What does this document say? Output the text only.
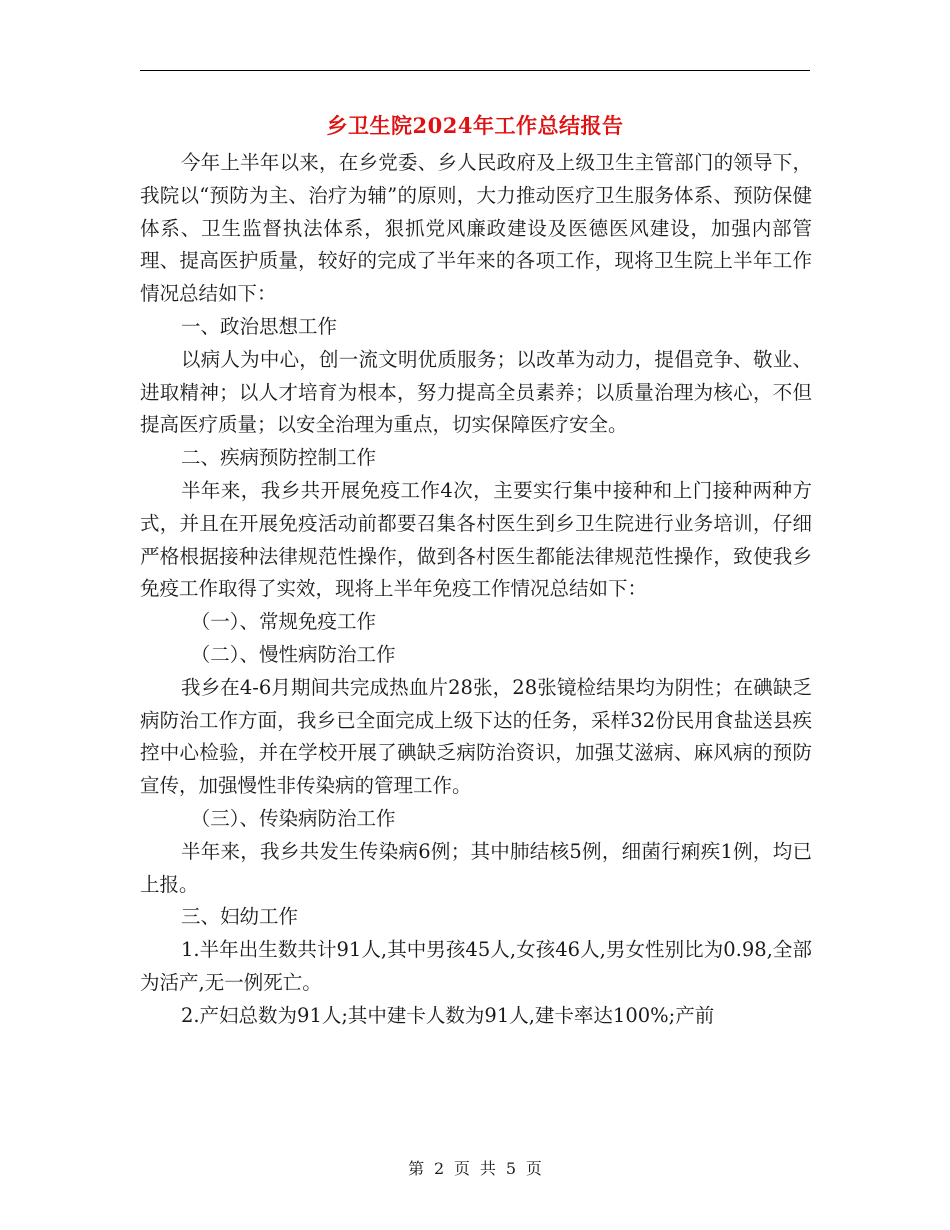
乡卫生院2024年工作总结报告

今年上半年以来，在乡党委、乡人民政府及上级卫生主管部门的领导下，我院以“预防为主、治疗为辅”的原则，大力推动医疗卫生服务体系、预防保健体系、卫生监督执法体系，狠抓党风廉政建设及医德医风建设，加强内部管理、提高医护质量，较好的完成了半年来的各项工作，现将卫生院上半年工作情况总结如下：

一、政治思想工作

以病人为中心，创一流文明优质服务；以改革为动力，提倡竞争、敬业、进取精神；以人才培育为根本，努力提高全员素养；以质量治理为核心，不但提高医疗质量；以安全治理为重点，切实保障医疗安全。

二、疾病预防控制工作

半年来，我乡共开展免疫工作4次，主要实行集中接种和上门接种两种方式，并且在开展免疫活动前都要召集各村医生到乡卫生院进行业务培训，仔细严格根据接种法律规范性操作，做到各村医生都能法律规范性操作，致使我乡免疫工作取得了实效，现将上半年免疫工作情况总结如下：

（一）、常规免疫工作

（二）、慢性病防治工作

我乡在4-6月期间共完成热血片28张，28张镜检结果均为阴性；在碘缺乏病防治工作方面，我乡已全面完成上级下达的任务，采样32份民用食盐送县疾控中心检验，并在学校开展了碘缺乏病防治资识，加强艾滋病、麻风病的预防宣传，加强慢性非传染病的管理工作。

（三）、传染病防治工作

半年来，我乡共发生传染病6例；其中肺结核5例，细菌行痢疾1例，均已上报。

三、妇幼工作

1.半年出生数共计91人,其中男孩45人,女孩46人,男女性别比为0.98,全部为活产,无一例死亡。

2.产妇总数为91人;其中建卡人数为91人,建卡率达100%;产前

第 2 页 共 5 页
